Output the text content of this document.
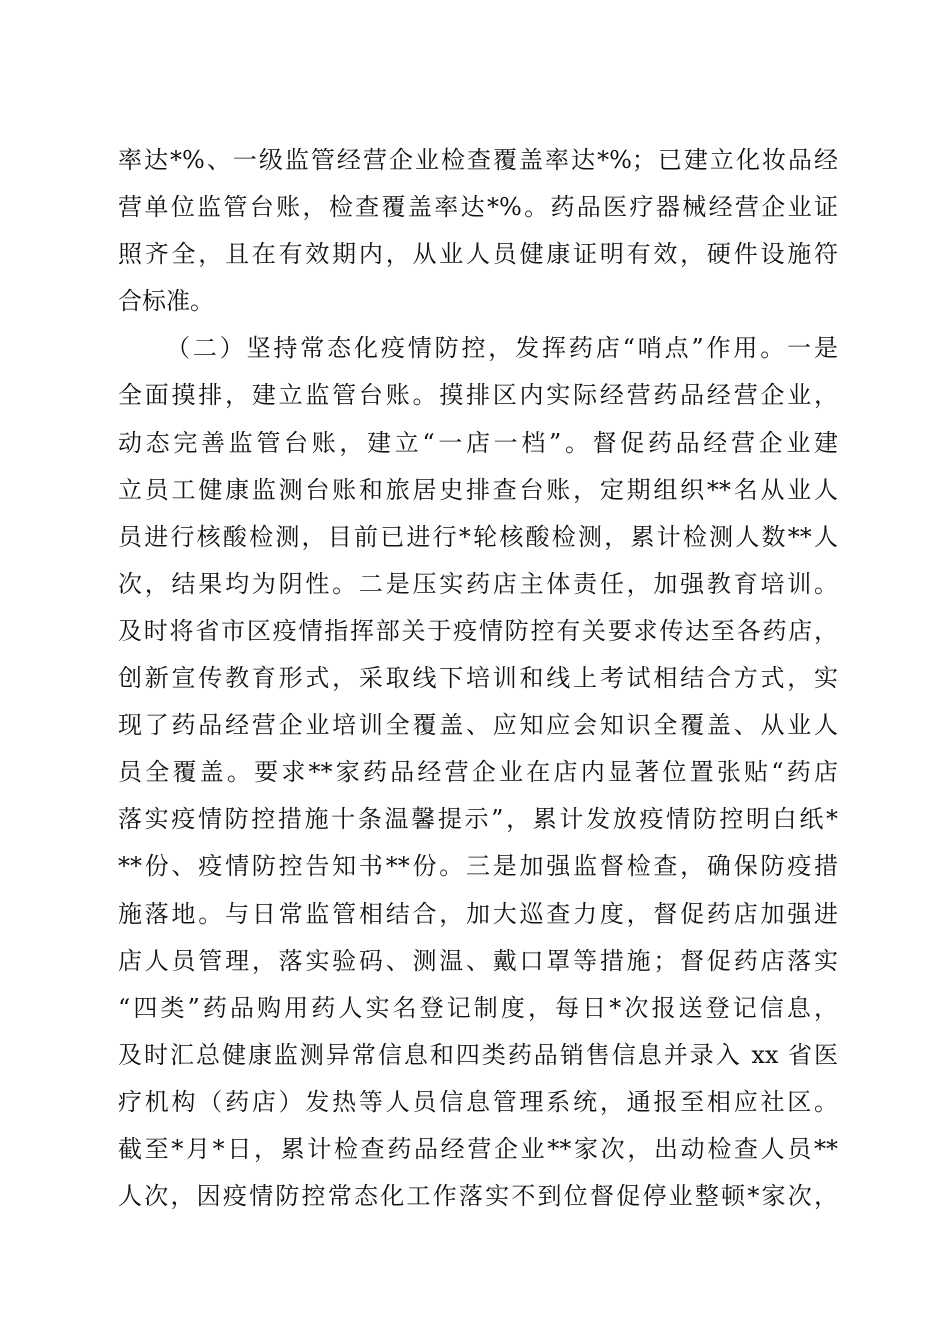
率达*%、一级监管经营企业检查覆盖率达*%；已建立化妆品经
营单位监管台账，检查覆盖率达*%。药品医疗器械经营企业证
照齐全，且在有效期内，从业人员健康证明有效，硬件设施符
合标准。
（二）坚持常态化疫情防控，发挥药店“哨点”作用。一是
全面摸排，建立监管台账。摸排区内实际经营药品经营企业，
动态完善监管台账，建立“一店一档”。督促药品经营企业建
立员工健康监测台账和旅居史排查台账，定期组织**名从业人
员进行核酸检测，目前已进行*轮核酸检测，累计检测人数**人
次，结果均为阴性。二是压实药店主体责任，加强教育培训。
及时将省市区疫情指挥部关于疫情防控有关要求传达至各药店，
创新宣传教育形式，采取线下培训和线上考试相结合方式，实
现了药品经营企业培训全覆盖、应知应会知识全覆盖、从业人
员全覆盖。要求**家药品经营企业在店内显著位置张贴“药店
落实疫情防控措施十条温馨提示”，累计发放疫情防控明白纸*
**份、疫情防控告知书**份。三是加强监督检查，确保防疫措
施落地。与日常监管相结合，加大巡查力度，督促药店加强进
店人员管理，落实验码、测温、戴口罩等措施；督促药店落实
“四类”药品购用药人实名登记制度，每日*次报送登记信息，
及时汇总健康监测异常信息和四类药品销售信息并录入 xx 省医
疗机构（药店）发热等人员信息管理系统，通报至相应社区。
截至*月*日，累计检查药品经营企业**家次，出动检查人员**
人次，因疫情防控常态化工作落实不到位督促停业整顿*家次，
